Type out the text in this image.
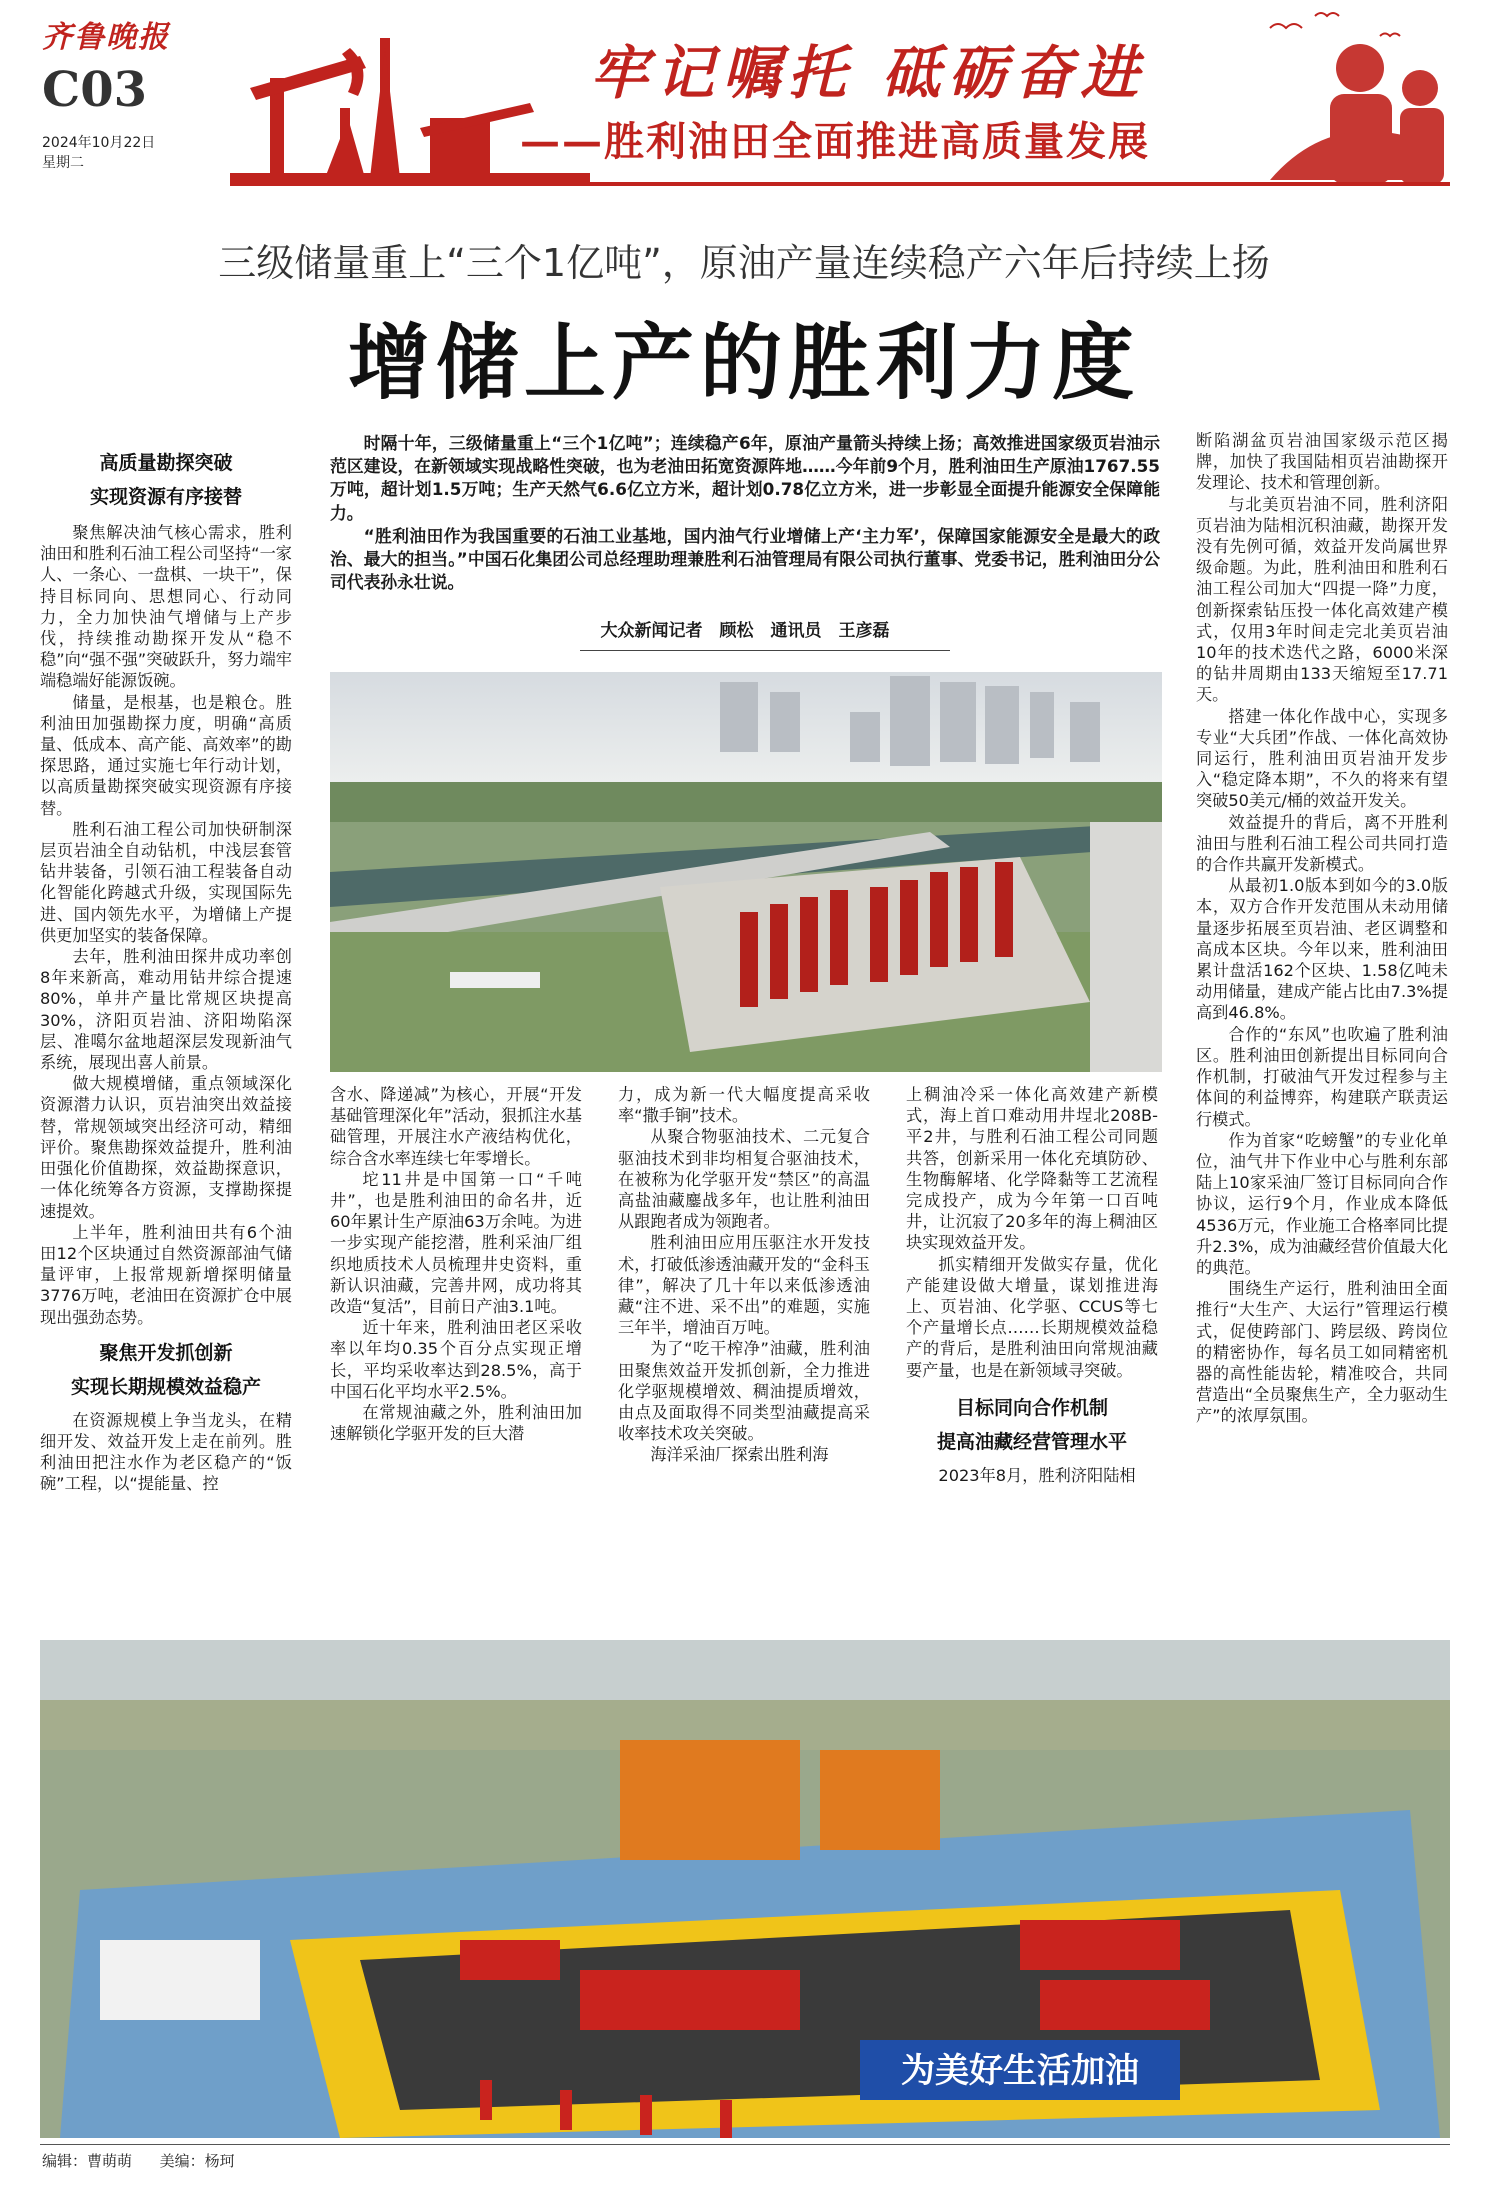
齐鲁晚报
C03
2024年10月22日
星期二
牢记嘱托 砥砺奋进
——胜利油田全面推进高质量发展
三级储量重上“三个1亿吨”，原油产量连续稳产六年后持续上扬
增储上产的胜利力度

时隔十年，三级储量重上“三个1亿吨”；连续稳产6年，原油产量箭头持续上扬；高效推进国家级页岩油示范区建设，在新领域实现战略性突破，也为老油田拓宽资源阵地……今年前9个月，胜利油田生产原油1767.55万吨，超计划1.5万吨；生产天然气6.6亿立方米，超计划0.78亿立方米，进一步彰显全面提升能源安全保障能力。

“胜利油田作为我国重要的石油工业基地，国内油气行业增储上产‘主力军’，保障国家能源安全是最大的政治、最大的担当。”中国石化集团公司总经理助理兼胜利石油管理局有限公司执行董事、党委书记，胜利油田分公司代表孙永壮说。

大众新闻记者　顾松　通讯员　王彦磊
高质量勘探突破
实现资源有序接替

聚焦解决油气核心需求，胜利油田和胜利石油工程公司坚持“一家人、一条心、一盘棋、一块干”，保持目标同向、思想同心、行动同力，全力加快油气增储与上产步伐，持续推动勘探开发从“稳不稳”向“强不强”突破跃升，努力端牢端稳端好能源饭碗。

储量，是根基，也是粮仓。胜利油田加强勘探力度，明确“高质量、低成本、高产能、高效率”的勘探思路，通过实施七年行动计划，以高质量勘探突破实现资源有序接替。

胜利石油工程公司加快研制深层页岩油全自动钻机，中浅层套管钻井装备，引领石油工程装备自动化智能化跨越式升级，实现国际先进、国内领先水平，为增储上产提供更加坚实的装备保障。

去年，胜利油田探井成功率创8年来新高，难动用钻井综合提速80%，单井产量比常规区块提高30%，济阳页岩油、济阳坳陷深层、准噶尔盆地超深层发现新油气系统，展现出喜人前景。

做大规模增储，重点领域深化资源潜力认识，页岩油突出效益接替，常规领域突出经济可动，精细评价。聚焦勘探效益提升，胜利油田强化价值勘探，效益勘探意识，一体化统筹各方资源，支撑勘探提速提效。

上半年，胜利油田共有6个油田12个区块通过自然资源部油气储量评审，上报常规新增探明储量3776万吨，老油田在资源扩仓中展现出强劲态势。

聚焦开发抓创新
实现长期规模效益稳产

在资源规模上争当龙头，在精细开发、效益开发上走在前列。胜利油田把注水作为老区稳产的“饭碗”工程，以“提能量、控

含水、降递减”为核心，开展“开发基础管理深化年”活动，狠抓注水基础管理，开展注水产液结构优化，综合含水率连续七年零增长。

坨11井是中国第一口“千吨井”，也是胜利油田的命名井，近60年累计生产原油63万余吨。为进一步实现产能挖潜，胜利采油厂组织地质技术人员梳理井史资料，重新认识油藏，完善井网，成功将其改造“复活”，目前日产油3.1吨。

近十年来，胜利油田老区采收率以年均0.35个百分点实现正增长，平均采收率达到28.5%，高于中国石化平均水平2.5%。

在常规油藏之外，胜利油田加速解锁化学驱开发的巨大潜

力，成为新一代大幅度提高采收率“撒手锏”技术。

从聚合物驱油技术、二元复合驱油技术到非均相复合驱油技术，在被称为化学驱开发“禁区”的高温高盐油藏鏖战多年，也让胜利油田从跟跑者成为领跑者。

胜利油田应用压驱注水开发技术，打破低渗透油藏开发的“金科玉律”，解决了几十年以来低渗透油藏“注不进、采不出”的难题，实施三年半，增油百万吨。

为了“吃干榨净”油藏，胜利油田聚焦效益开发抓创新，全力推进化学驱规模增效、稠油提质增效，由点及面取得不同类型油藏提高采收率技术攻关突破。

海洋采油厂探索出胜利海

上稠油冷采一体化高效建产新模式，海上首口难动用井埕北208B-平2井，与胜利石油工程公司同题共答，创新采用一体化充填防砂、生物酶解堵、化学降黏等工艺流程完成投产，成为今年第一口百吨井，让沉寂了20多年的海上稠油区块实现效益开发。

抓实精细开发做实存量，优化产能建设做大增量，谋划推进海上、页岩油、化学驱、CCUS等七个产量增长点……长期规模效益稳产的背后，是胜利油田向常规油藏要产量，也是在新领域寻突破。

目标同向合作机制
提高油藏经营管理水平

2023年8月，胜利济阳陆相

断陷湖盆页岩油国家级示范区揭牌，加快了我国陆相页岩油勘探开发理论、技术和管理创新。

与北美页岩油不同，胜利济阳页岩油为陆相沉积油藏，勘探开发没有先例可循，效益开发尚属世界级命题。为此，胜利油田和胜利石油工程公司加大“四提一降”力度，创新探索钻压投一体化高效建产模式，仅用3年时间走完北美页岩油10年的技术迭代之路，6000米深的钻井周期由133天缩短至17.71天。

搭建一体化作战中心，实现多专业“大兵团”作战、一体化高效协同运行，胜利油田页岩油开发步入“稳定降本期”，不久的将来有望突破50美元/桶的效益开发关。

效益提升的背后，离不开胜利油田与胜利石油工程公司共同打造的合作共赢开发新模式。

从最初1.0版本到如今的3.0版本，双方合作开发范围从未动用储量逐步拓展至页岩油、老区调整和高成本区块。今年以来，胜利油田累计盘活162个区块、1.58亿吨未动用储量，建成产能占比由7.3%提高到46.8%。

合作的“东风”也吹遍了胜利油区。胜利油田创新提出目标同向合作机制，打破油气开发过程参与主体间的利益博弈，构建联产联责运行模式。

作为首家“吃螃蟹”的专业化单位，油气井下作业中心与胜利东部陆上10家采油厂签订目标同向合作协议，运行9个月，作业成本降低4536万元，作业施工合格率同比提升2.3%，成为油藏经营价值最大化的典范。

围绕生产运行，胜利油田全面推行“大生产、大运行”管理运行模式，促使跨部门、跨层级、跨岗位的精密协作，每名员工如同精密机器的高性能齿轮，精准咬合，共同营造出“全员聚焦生产，全力驱动生产”的浓厚氛围。

为美好生活加油
编辑：曹萌萌 美编：杨珂
